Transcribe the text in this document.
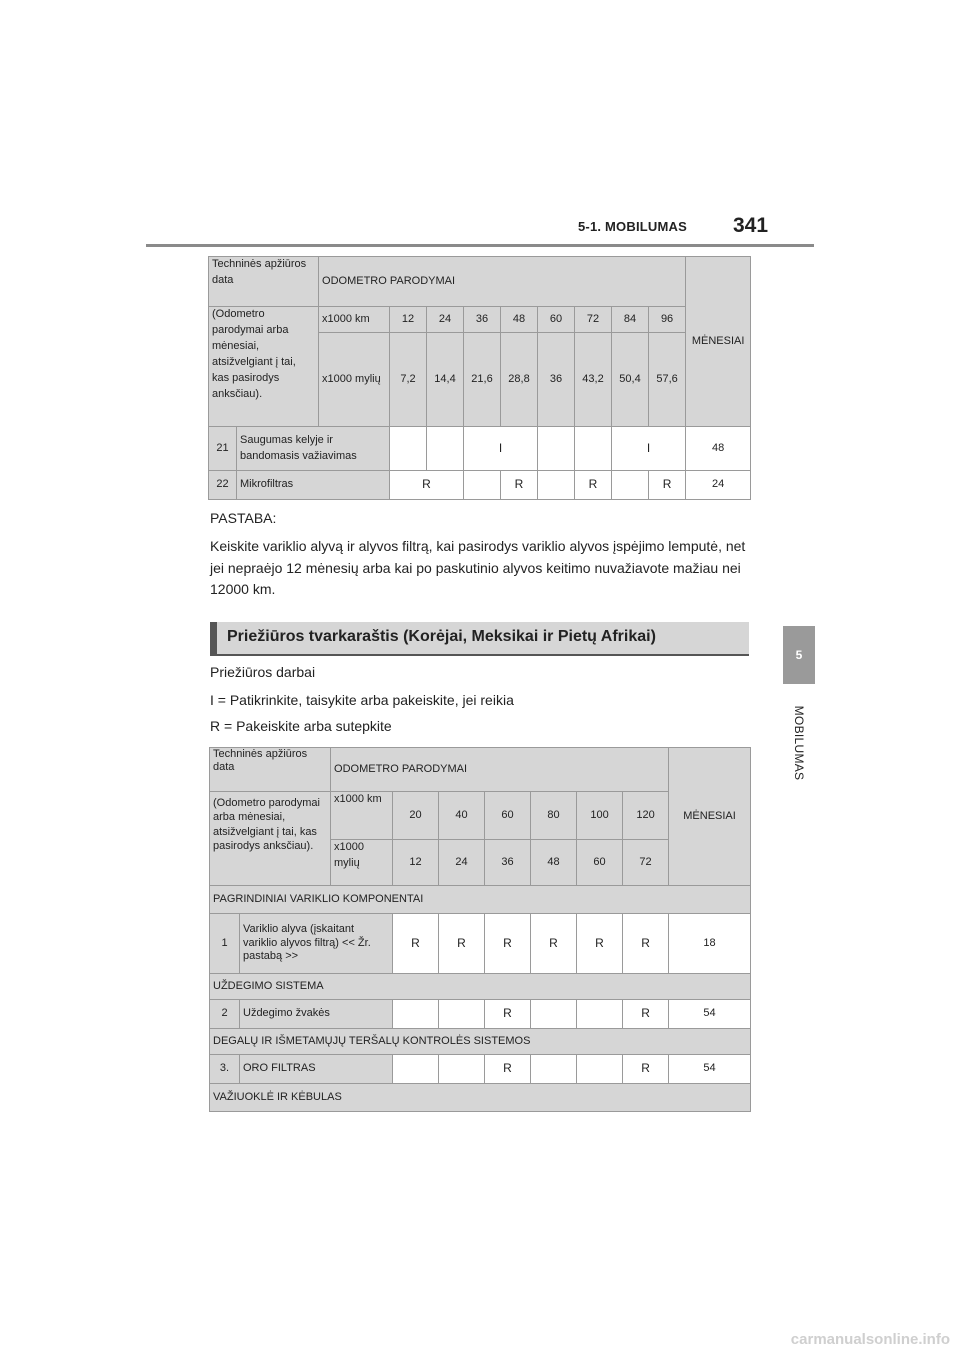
5-1. MOBILUMAS 341
5
MOBILUMAS
Techninės apžiūros data		ODOMETRO PARODYMAI									MĖNESIAI
(Odometro parodymai arba mėnesiai, atsižvelgiant į tai, kas pasirodys anksčiau).		x1000 km	12	24	36	48	60	72	84	96	
		x1000 mylių	7,2	14,4	21,6	28,8	36	43,2	50,4	57,6	
21	Saugumas kelyje ir bandomasis važiavimas				I				I		48
22	Mikrofiltras		R			R		R		R	24
PASTABA:
Keiskite variklio alyvą ir alyvos filtrą, kai pasirodys variklio alyvos įspėjimo lemputė, net jei nepraėjo 12 mėnesių arba kai po paskutinio alyvos keitimo nuvažiavote mažiau nei 12000 km.
Priežiūros tvarkaraštis (Korėjai, Meksikai ir Pietų Afrikai)
Priežiūros darbai
I = Patikrinkite, taisykite arba pakeiskite, jei reikia
R = Pakeiskite arba sutepkite
Techninės apžiūros data		ODOMETRO PARODYMAI							MĖNESIAI
(Odometro parodymai arba mėnesiai, atsižvelgiant į tai, kas pasirodys anksčiau).		x1000 km	20	40	60	80	100	120	
		x1000 mylių	12	24	36	48	60	72	
PAGRINDINIAI VARIKLIO KOMPONENTAI									
1	Variklio alyva (įskaitant variklio alyvos filtrą) << Žr. pastabą >>		R	R	R	R	R	R	18
UŽDEGIMO SISTEMA									
2	Uždegimo žvakės				R			R	54
DEGALŲ IR IŠMETAMŲJŲ TERŠALŲ KONTROLĖS SISTEMOS									
3.	ORO FILTRAS				R			R	54
VAŽIUOKLĖ IR KĖBULAS									
carmanualsonline.info
